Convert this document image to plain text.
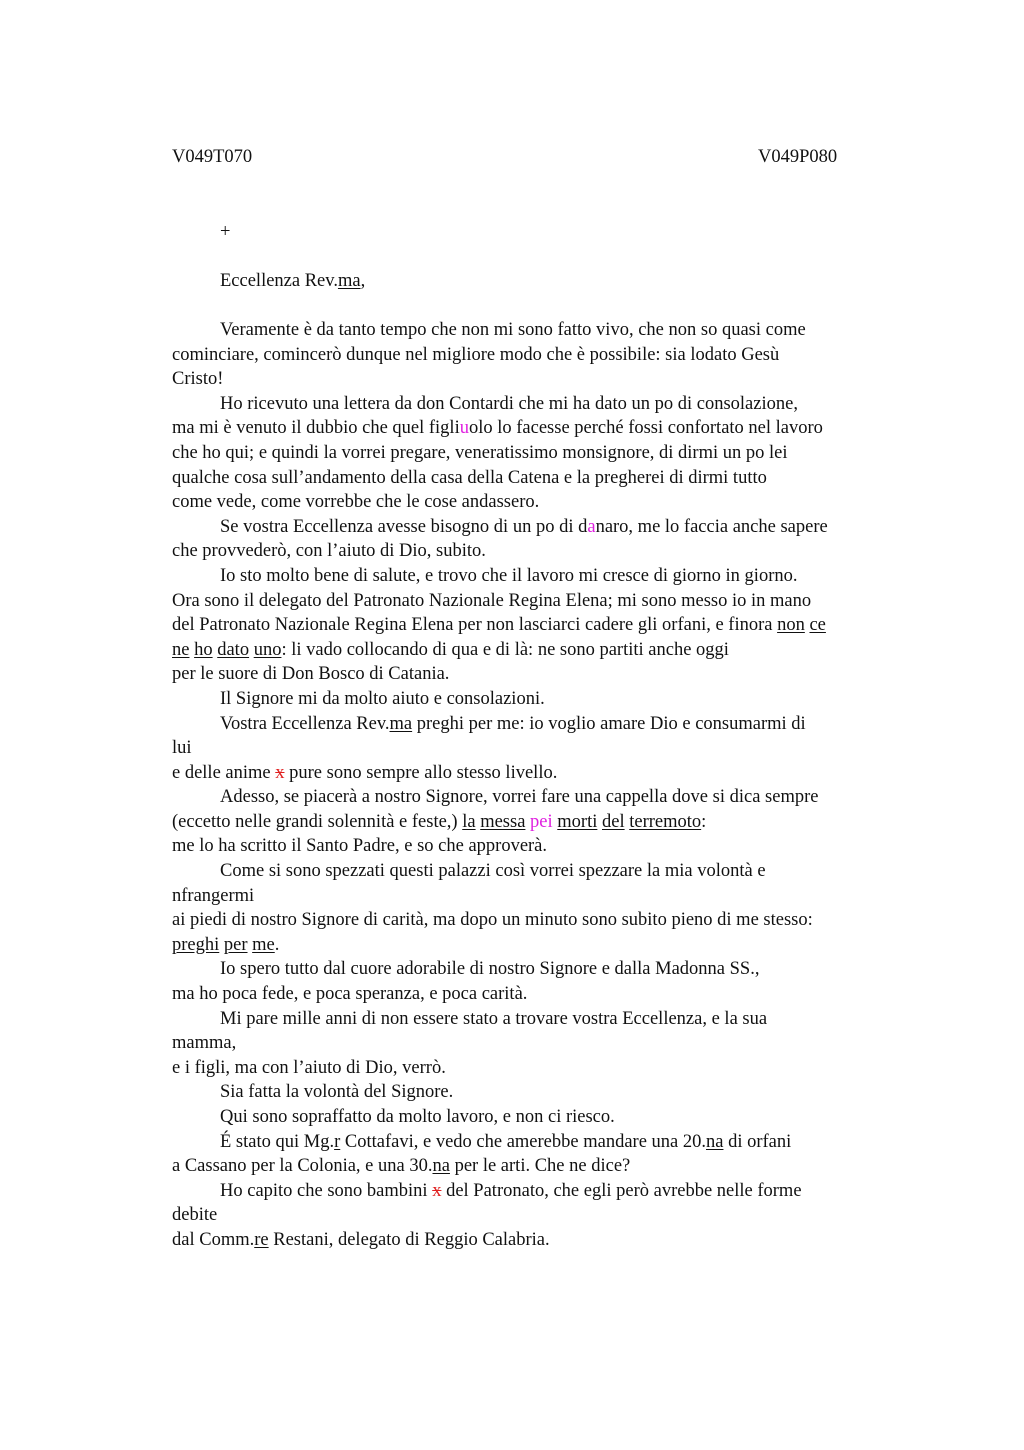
V049T070	V049P080
+
Eccellenza Rev.ma,
Veramente è da tanto tempo che non mi sono fatto vivo, che non so quasi come
cominciare, comincerò dunque nel migliore modo che è possibile: sia lodato Gesù
Cristo!
Ho ricevuto una lettera da don Contardi che mi ha dato un po di consolazione,
ma mi è venuto il dubbio che quel figliuolo lo facesse perché fossi confortato nel lavoro
che ho qui; e quindi la vorrei pregare, veneratissimo monsignore, di dirmi un po lei
qualche cosa sull’andamento della casa della Catena e la pregherei di dirmi tutto
come vede, come vorrebbe che le cose andassero.
Se vostra Eccellenza avesse bisogno di un po di danaro, me lo faccia anche sapere
che provvederò, con l’aiuto di Dio, subito.
Io sto molto bene di salute, e trovo che il lavoro mi cresce di giorno in giorno.
Ora sono il delegato del Patronato Nazionale Regina Elena; mi sono messo io in mano
del Patronato Nazionale Regina Elena per non lasciarci cadere gli orfani, e finora non ce
ne ho dato uno: li vado collocando di qua e di là: ne sono partiti anche oggi
per le suore di Don Bosco di Catania.
Il Signore mi da molto aiuto e consolazioni.
Vostra Eccellenza Rev.ma preghi per me: io voglio amare Dio e consumarmi di
lui
e delle anime x pure sono sempre allo stesso livello.
Adesso, se piacerà a nostro Signore, vorrei fare una cappella dove si dica sempre
(eccetto nelle grandi solennità e feste,) la messa pei morti del terremoto:
me lo ha scritto il Santo Padre, e so che approverà.
Come si sono spezzati questi palazzi così vorrei spezzare la mia volontà e
nfrangermi
ai piedi di nostro Signore di carità, ma dopo un minuto sono subito pieno di me stesso:
preghi per me.
Io spero tutto dal cuore adorabile di nostro Signore e dalla Madonna SS.,
ma ho poca fede, e poca speranza, e poca carità.
Mi pare mille anni di non essere stato a trovare vostra Eccellenza, e la sua
mamma,
e i figli, ma con l’aiuto di Dio, verrò.
Sia fatta la volontà del Signore.
Qui sono sopraffatto da molto lavoro, e non ci riesco.
É stato qui Mg.r Cottafavi, e vedo che amerebbe mandare una 20.na di orfani
a Cassano per la Colonia, e una 30.na per le arti. Che ne dice?
Ho capito che sono bambini x del Patronato, che egli però avrebbe nelle forme
debite
dal Comm.re Restani, delegato di Reggio Calabria.
